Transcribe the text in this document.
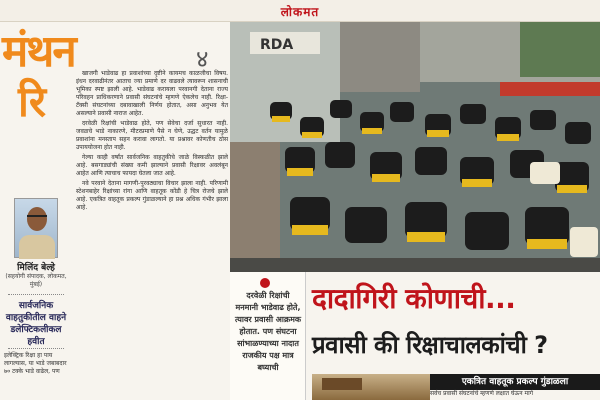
लोकमत
मंथन
रि
४
मिलिंद बेल्हे
(सहयोगी संपादक, लोकमत, मुंबई)
सार्वजनिक वाहतुकीतील वाहने डलेफ्टिकलीकल हवीत
इलेक्ट्रिक रिक्षा हा पाय लागल्यास, या भाडे जबाबदार ७० टक्के भाडे वाढेल, पण

खाजगी भाडेवाढ हा प्रवाशांच्या दृष्टीने कायमच काळजीचा विषय. इंधन दरवाढीनंतर आताच ज्या प्रमाणे दर वाढवले त्यावरून शासनाची भूमिका स्पष्ट झाली आहे. भाडेवाढ करायला परवानगी देताना राज्य परिवहन प्राधिकरणाने प्रवासी संघटनांचे म्हणणे ऐकलेच नाही. रिक्षा-टॅक्सी संघटनांच्या दबावाखाली निर्णय होतात, असा अनुभव येत असल्याने प्रवासी नाराज आहेत.

दरवेळी रिक्षांची भाडेवाढ होते, पण सेवेचा दर्जा सुधारत नाही. जवळचे भाडे नाकारणे, मीटरप्रमाणे पैसे न घेणे, उद्धट वर्तन यामुळे प्रवाशांना मनस्ताप सहन करावा लागतो. या प्रश्नावर कोणतीच ठोस उपाययोजना होत नाही.

गेल्या काही वर्षांत सार्वजनिक वाहतुकीचे जाळे विस्कळीत झाले आहे. बसगाड्यांची संख्या कमी झाल्याने प्रवासी रिक्षावर अवलंबून आहेत आणि त्याचाच फायदा घेतला जात आहे.

नवे परवाने देताना मागणी-पुरवठ्याचा विचार झाला नाही. परिणामी स्टेशनबाहेर रिक्षांच्या रांगा आणि वाहतूक कोंडी हे चित्र रोजचे झाले आहे. एकत्रित वाहतूक प्रकल्प गुंडाळल्याने हा प्रश्न अधिक गंभीर झाला आहे.

RDA
दरवेळी रिक्षांची मनमानी भाडेवाढ होते, त्यावर प्रवासी आक्रमक होतात. पण संघटना सांभाळण्याच्या नादात राजकीय पक्ष मात्र बघ्याची
दादागिरी कोणाची...
प्रवासी की रिक्षाचालकांची ?
एकत्रित वाहतूक प्रकल्प गुंडाळला
सर्वच प्रवासी संघटनांचे म्हणणे लक्षात घेऊन मार्ग
